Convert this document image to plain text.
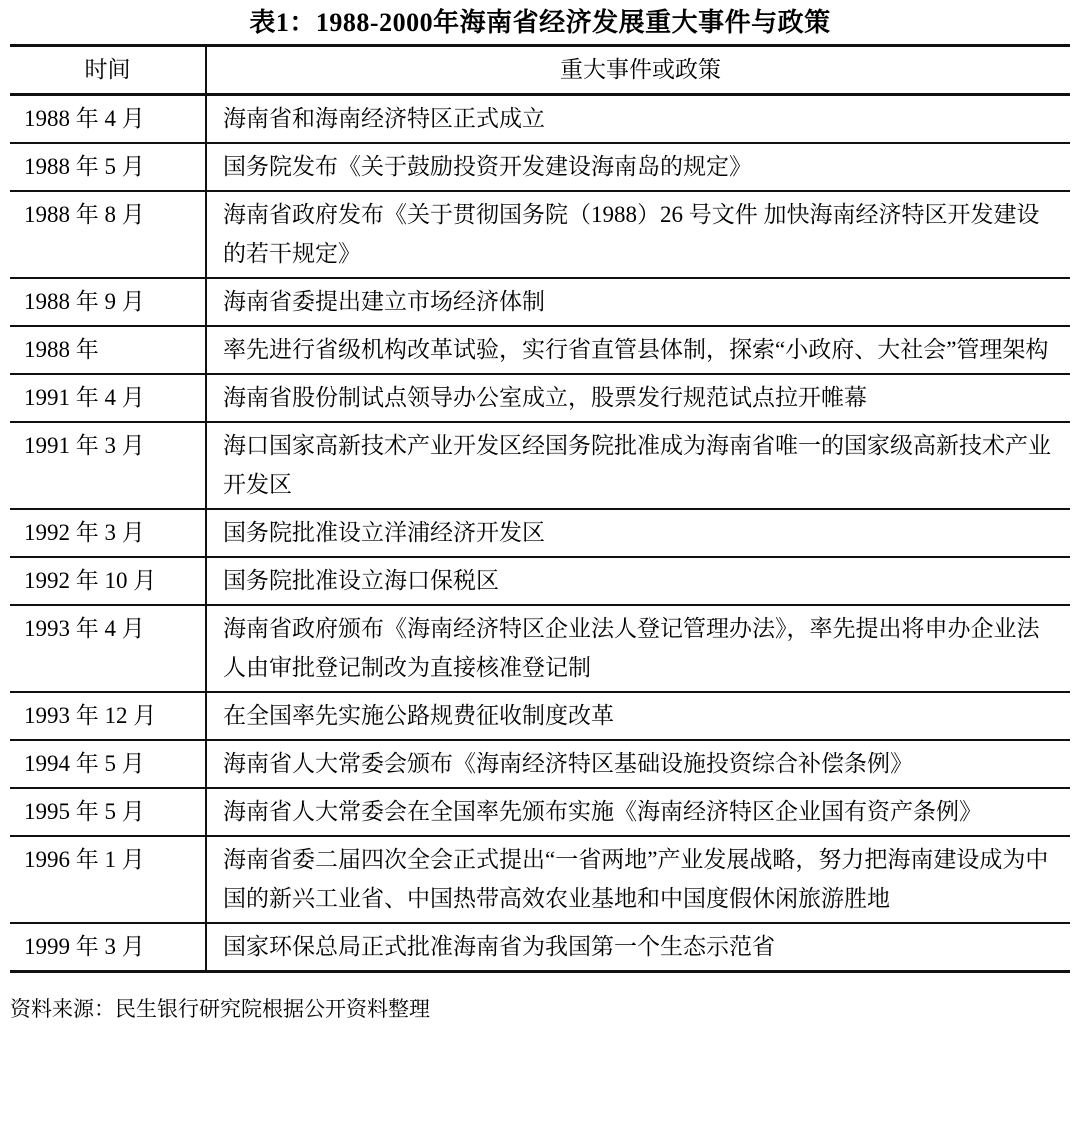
表1：1988-2000年海南省经济发展重大事件与政策
时间	重大事件或政策
1988 年 4 月	海南省和海南经济特区正式成立
1988 年 5 月	国务院发布《关于鼓励投资开发建设海南岛的规定》
1988 年 8 月	海南省政府发布《关于贯彻国务院（1988）26 号文件 加快海南经济特区开发建设的若干规定》
1988 年 9 月	海南省委提出建立市场经济体制
1988 年	率先进行省级机构改革试验，实行省直管县体制，探索“小政府、大社会”管理架构
1991 年 4 月	海南省股份制试点领导办公室成立，股票发行规范试点拉开帷幕
1991 年 3 月	海口国家高新技术产业开发区经国务院批准成为海南省唯一的国家级高新技术产业开发区
1992 年 3 月	国务院批准设立洋浦经济开发区
1992 年 10 月	国务院批准设立海口保税区
1993 年 4 月	海南省政府颁布《海南经济特区企业法人登记管理办法》，率先提出将申办企业法人由审批登记制改为直接核准登记制
1993 年 12 月	在全国率先实施公路规费征收制度改革
1994 年 5 月	海南省人大常委会颁布《海南经济特区基础设施投资综合补偿条例》
1995 年 5 月	海南省人大常委会在全国率先颁布实施《海南经济特区企业国有资产条例》
1996 年 1 月	海南省委二届四次全会正式提出“一省两地”产业发展战略，努力把海南建设成为中国的新兴工业省、中国热带高效农业基地和中国度假休闲旅游胜地
1999 年 3 月	国家环保总局正式批准海南省为我国第一个生态示范省
资料来源：民生银行研究院根据公开资料整理
